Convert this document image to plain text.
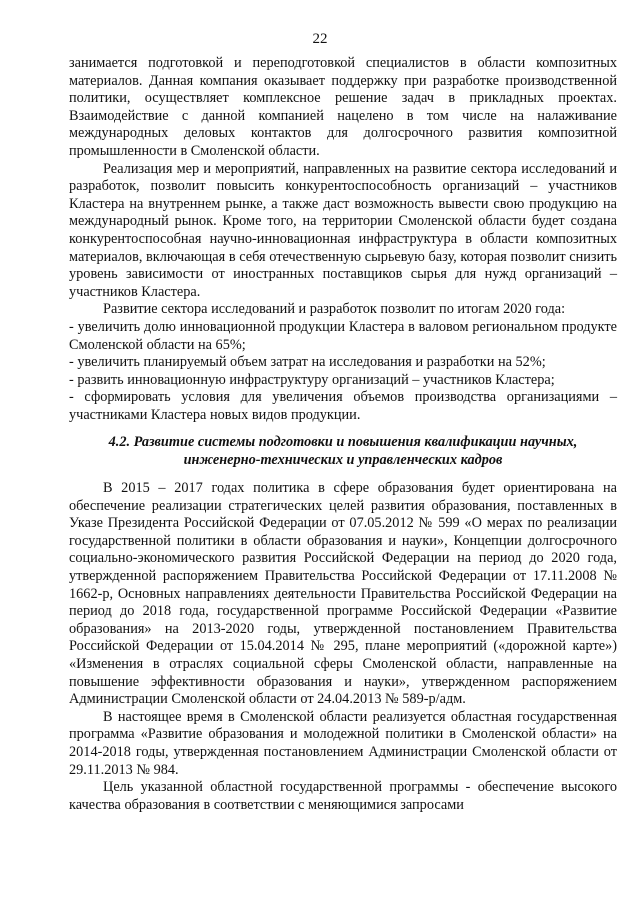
22

занимается подготовкой и переподготовкой специалистов в области композитных материалов. Данная компания оказывает поддержку при разработке производственной политики, осуществляет комплексное решение задач в прикладных проектах. Взаимодействие с данной компанией нацелено в том числе на налаживание международных деловых контактов для долгосрочного развития композитной промышленности в Смоленской области.

Реализация мер и мероприятий, направленных на развитие сектора исследований и разработок, позволит повысить конкурентоспособность организаций – участников Кластера на внутреннем рынке, а также даст возможность вывести свою продукцию на международный рынок. Кроме того, на территории Смоленской области будет создана конкурентоспособная научно-инновационная инфраструктура в области композитных материалов, включающая в себя отечественную сырьевую базу, которая позволит снизить уровень зависимости от иностранных поставщиков сырья для нужд организаций – участников Кластера.

Развитие сектора исследований и разработок позволит по итогам 2020 года:

- увеличить долю инновационной продукции Кластера в валовом региональном продукте Смоленской области на 65%;

- увеличить планируемый объем затрат на исследования и разработки на 52%;

- развить инновационную инфраструктуру организаций – участников Кластера;

- сформировать условия для увеличения объемов производства организациями – участниками Кластера новых видов продукции.

4.2. Развитие системы подготовки и повышения квалификации научных,
инженерно-технических и управленческих кадров

В 2015 – 2017 годах политика в сфере образования будет ориентирована на обеспечение реализации стратегических целей развития образования, поставленных в Указе Президента Российской Федерации от 07.05.2012 № 599 «О мерах по реализации государственной политики в области образования и науки», Концепции долгосрочного социально-экономического развития Российской Федерации на период до 2020 года, утвержденной распоряжением Правительства Российской Федерации от 17.11.2008 № 1662-р, Основных направлениях деятельности Правительства Российской Федерации на период до 2018 года, государственной программе Российской Федерации «Развитие образования» на 2013-2020 годы, утвержденной постановлением Правительства Российской Федерации от 15.04.2014 № 295, плане мероприятий («дорожной карте») «Изменения в отраслях социальной сферы Смоленской области, направленные на повышение эффективности образования и науки», утвержденном распоряжением Администрации Смоленской области от 24.04.2013 № 589-р/адм.

В настоящее время в Смоленской области реализуется областная государственная программа «Развитие образования и молодежной политики в Смоленской области» на 2014-2018 годы, утвержденная постановлением Администрации Смоленской области от 29.11.2013 № 984.

Цель указанной областной государственной программы - обеспечение высокого качества образования в соответствии с меняющимися запросами
